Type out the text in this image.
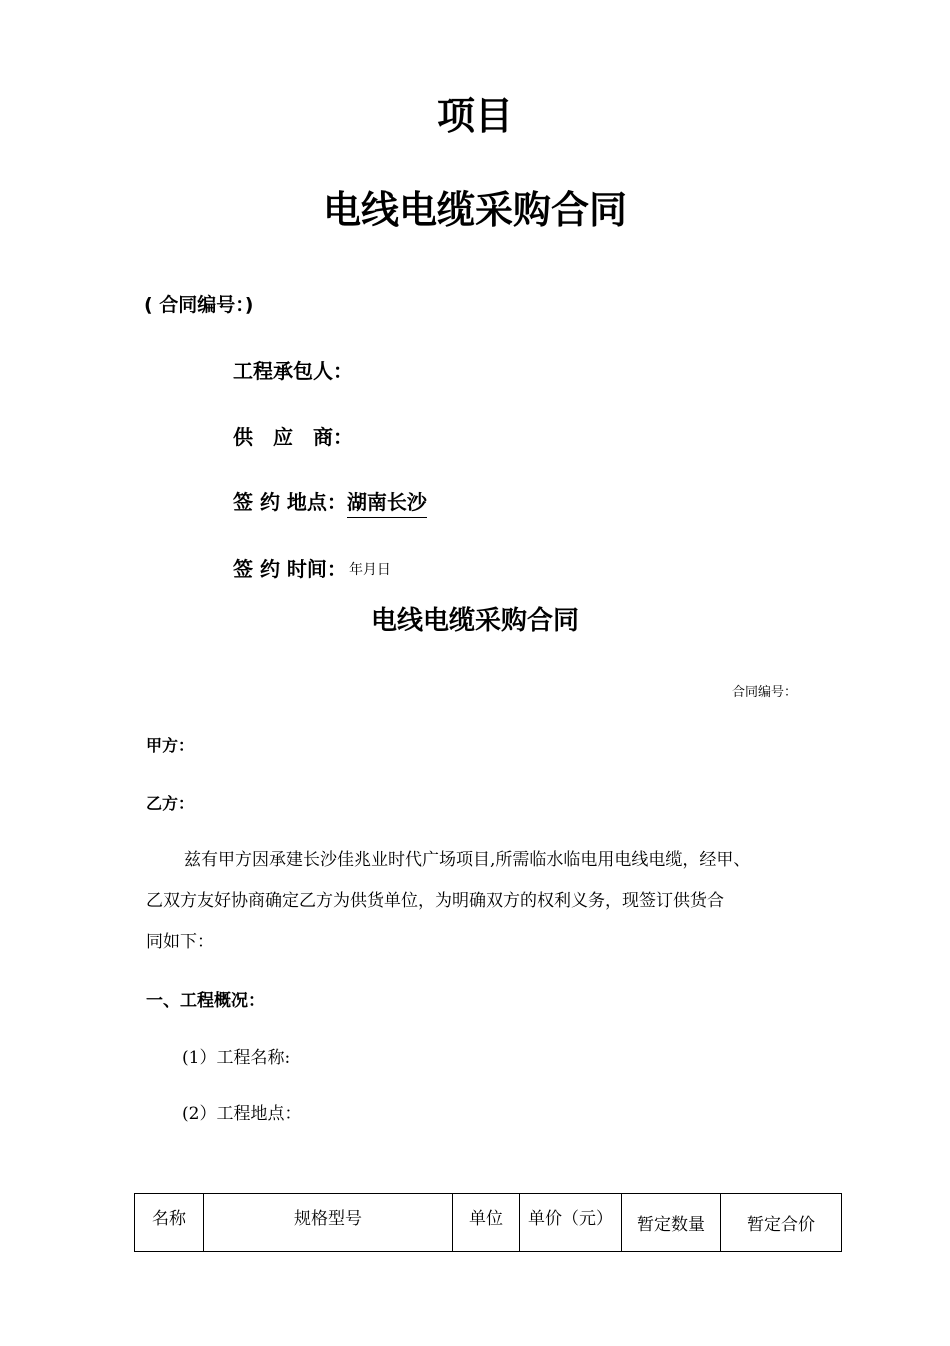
项目
电线电缆采购合同
( 合同编号：)
工程承包人：
供　应　商：
签 约 地点：湖南长沙
签 约 时间： 年月日
电线电缆采购合同
合同编号：
甲方：
乙方：

兹有甲方因承建长沙佳兆业时代广场项目,所需临水临电用电线电缆，经甲、

乙双方友好协商确定乙方为供货单位，为明确双方的权利义务，现签订供货合

同如下：

一、工程概况：
(1）工程名称:
(2）工程地点：
名称	规格型号	单位	单价（元）	暂定数量	暂定合价
